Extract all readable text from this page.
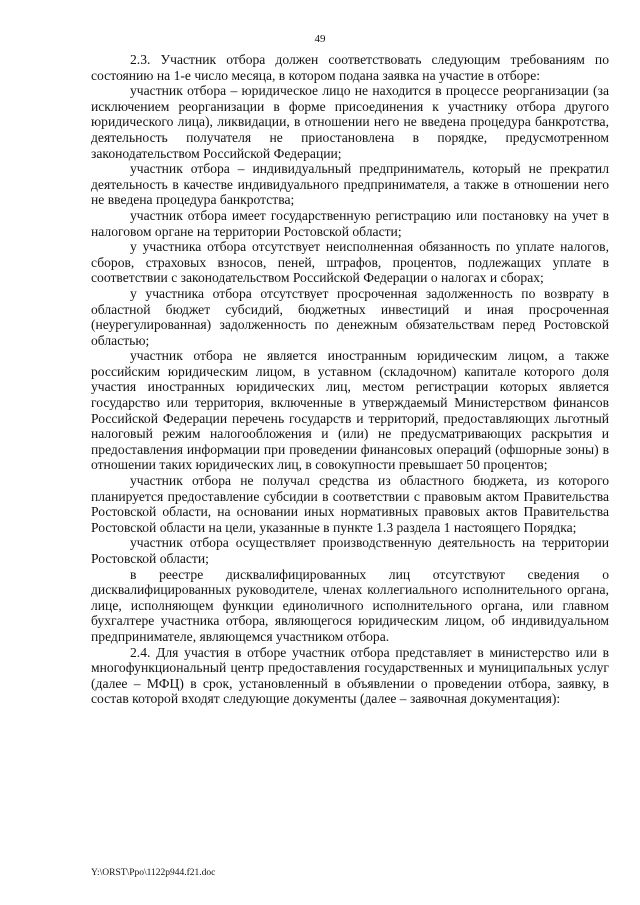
49

2.3. Участник отбора должен соответствовать следующим требованиям по состоянию на 1-е число месяца, в котором подана заявка на участие в отборе:

участник отбора – юридическое лицо не находится в процессе реорганизации (за исключением реорганизации в форме присоединения к участнику отбора другого юридического лица), ликвидации, в отношении него не введена процедура банкротства, деятельность получателя не приостановлена в порядке, предусмотренном законодательством Российской Федерации;

участник отбора – индивидуальный предприниматель, который не прекратил деятельность в качестве индивидуального предпринимателя, а также в отношении него не введена процедура банкротства;

участник отбора имеет государственную регистрацию или постановку на учет в налоговом органе на территории Ростовской области;

у участника отбора отсутствует неисполненная обязанность по уплате налогов, сборов, страховых взносов, пеней, штрафов, процентов, подлежащих уплате в соответствии с законодательством Российской Федерации о налогах и сборах;

у участника отбора отсутствует просроченная задолженность по возврату в областной бюджет субсидий, бюджетных инвестиций и иная просроченная (неурегулированная) задолженность по денежным обязательствам перед Ростовской областью;

участник отбора не является иностранным юридическим лицом, а также российским юридическим лицом, в уставном (складочном) капитале которого доля участия иностранных юридических лиц, местом регистрации которых является государство или территория, включенные в утверждаемый Министерством финансов Российской Федерации перечень государств и территорий, предоставляющих льготный налоговый режим налогообложения и (или) не предусматривающих раскрытия и предоставления информации при проведении финансовых операций (офшорные зоны) в отношении таких юридических лиц, в совокупности превышает 50 процентов;

участник отбора не получал средства из областного бюджета, из которого планируется предоставление субсидии в соответствии с правовым актом Правительства Ростовской области, на основании иных нормативных правовых актов Правительства Ростовской области на цели, указанные в пункте 1.3 раздела 1 настоящего Порядка;

участник отбора осуществляет производственную деятельность на территории Ростовской области;

в реестре дисквалифицированных лиц отсутствуют сведения о дисквалифицированных руководителе, членах коллегиального исполнительного органа, лице, исполняющем функции единоличного исполнительного органа, или главном бухгалтере участника отбора, являющегося юридическим лицом, об индивидуальном предпринимателе, являющемся участником отбора.

2.4. Для участия в отборе участник отбора представляет в министерство или в многофункциональный центр предоставления государственных и муниципальных услуг (далее – МФЦ) в срок, установленный в объявлении о проведении отбора, заявку, в состав которой входят следующие документы (далее – заявочная документация):

Y:\ORST\Ppo\1122p944.f21.doc
